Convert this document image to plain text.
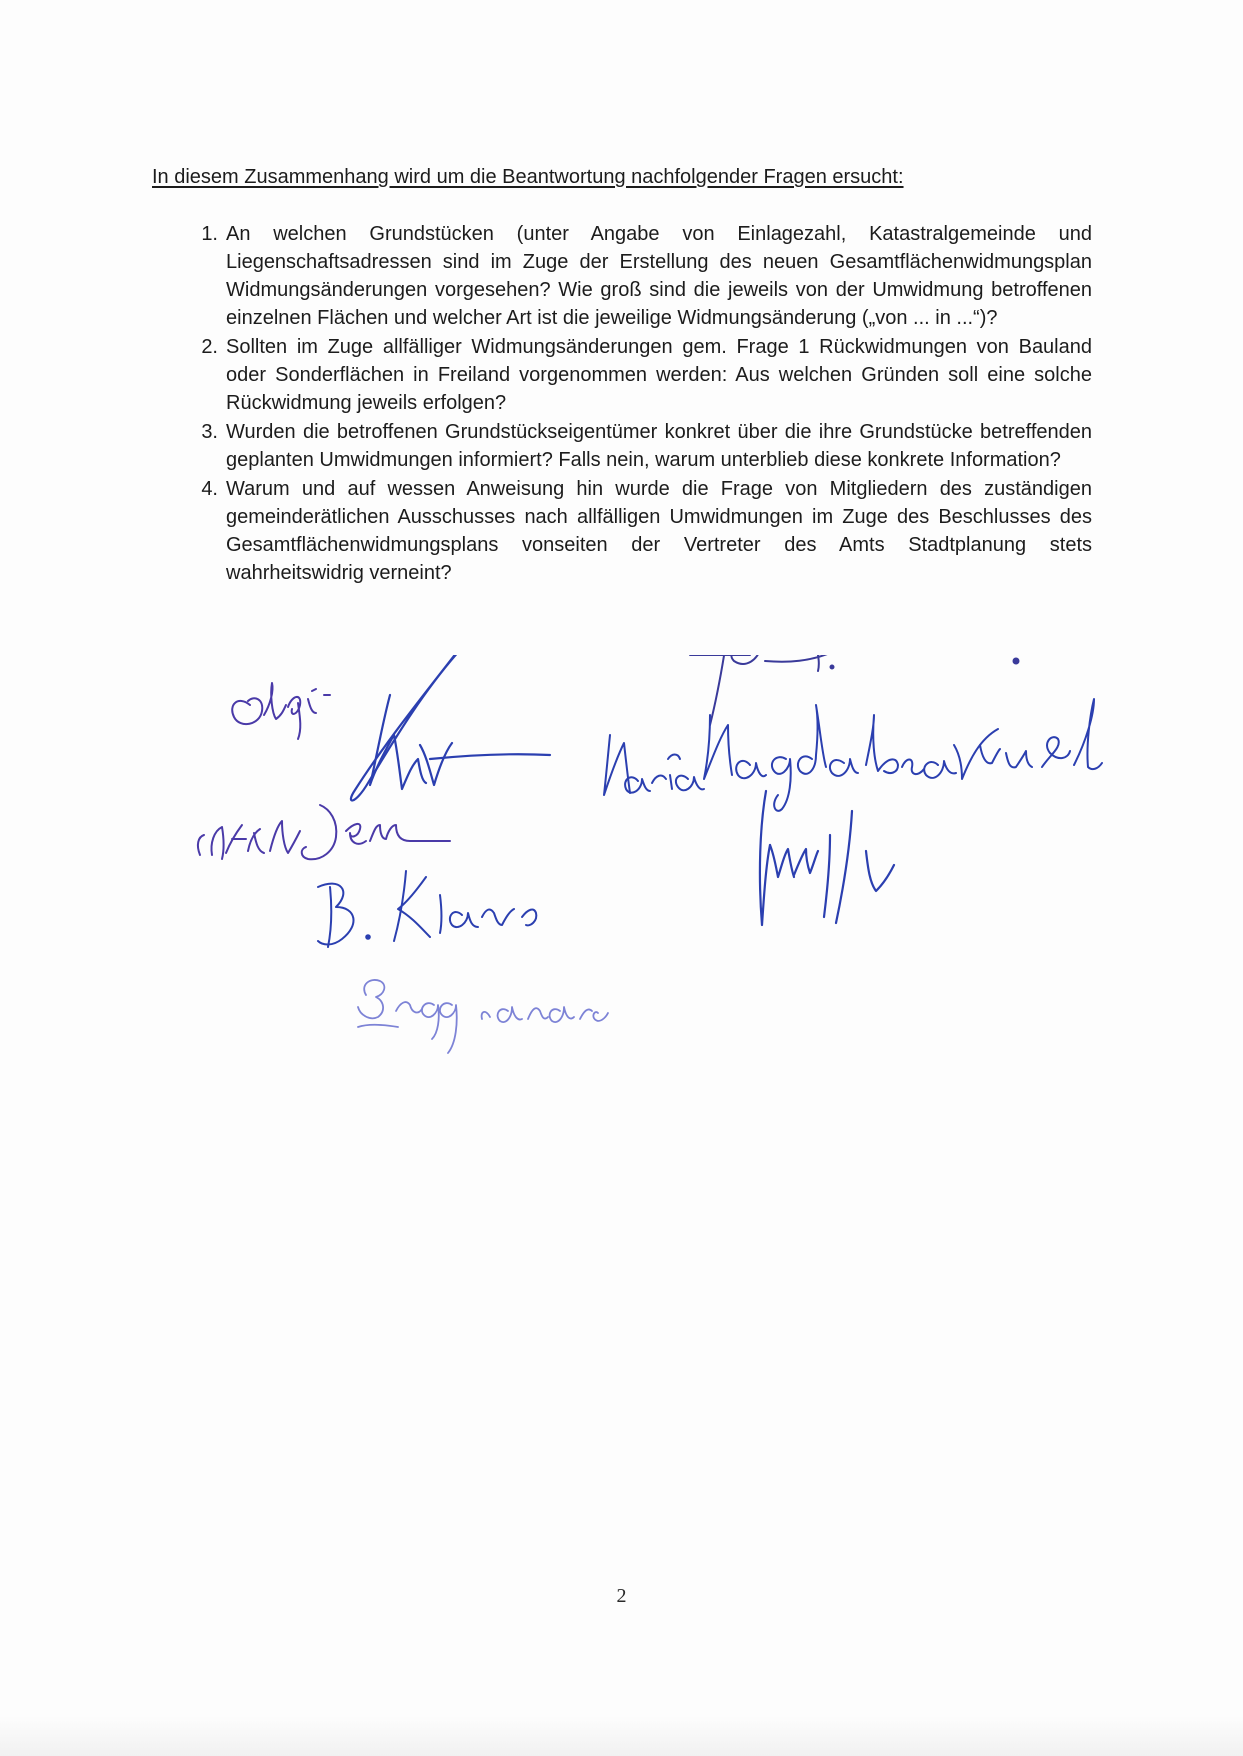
In diesem Zusammenhang wird um die Beantwortung nachfolgender Fragen ersucht:

1. An welchen Grundstücken (unter Angabe von Einlagezahl, Katastralgemeinde und Liegenschaftsadressen sind im Zuge der Erstellung des neuen Gesamtflächenwidmungsplan Widmungsänderungen vorgesehen? Wie groß sind die jeweils von der Umwidmung betroffenen einzelnen Flächen und welcher Art ist die jeweilige Widmungsänderung („von ... in ...“)?

2. Sollten im Zuge allfälliger Widmungsänderungen gem. Frage 1 Rückwidmungen von Bauland oder Sonderflächen in Freiland vorgenommen werden: Aus welchen Gründen soll eine solche Rückwidmung jeweils erfolgen?

3. Wurden die betroffenen Grundstückseigentümer konkret über die ihre Grundstücke betreffenden geplanten Umwidmungen informiert? Falls nein, warum unterblieb diese konkrete Information?

4. Warum und auf wessen Anweisung hin wurde die Frage von Mitgliedern des zuständigen gemeinderätlichen Ausschusses nach allfälligen Umwidmungen im Zuge des Beschlusses des Gesamtflächenwidmungsplans vonseiten der Vertreter des Amts Stadtplanung stets wahrheitswidrig verneint?

2
